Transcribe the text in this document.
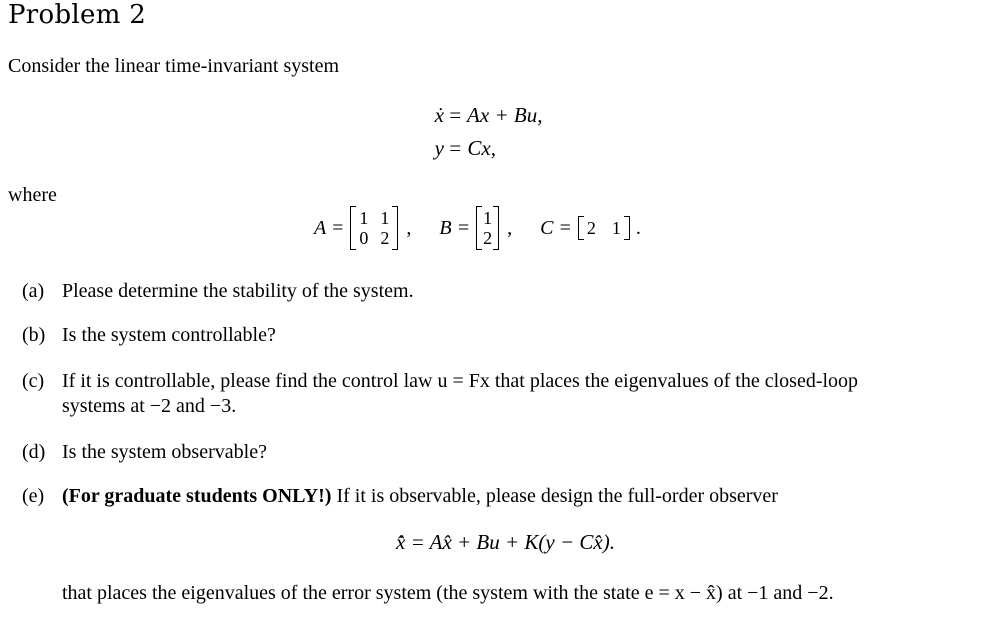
Problem 2
Consider the linear time-invariant system
ẋ = Ax + Bu,
y = Cx,
where
A = 1 1
0 2 , B = 1
2 , C = 2 1 .
(a) Please determine the stability of the system.
(b) Is the system controllable?
(c) If it is controllable, please find the control law u = Fx that places the eigenvalues of the closed-loop
systems at −2 and −3.
(d) Is the system observable?
(e) (For graduate students ONLY!) If it is observable, please design the full-order observer
x̂̇ = Ax̂ + Bu + K(y − Cx̂).
that places the eigenvalues of the error system (the system with the state e = x − x̂) at −1 and −2.
